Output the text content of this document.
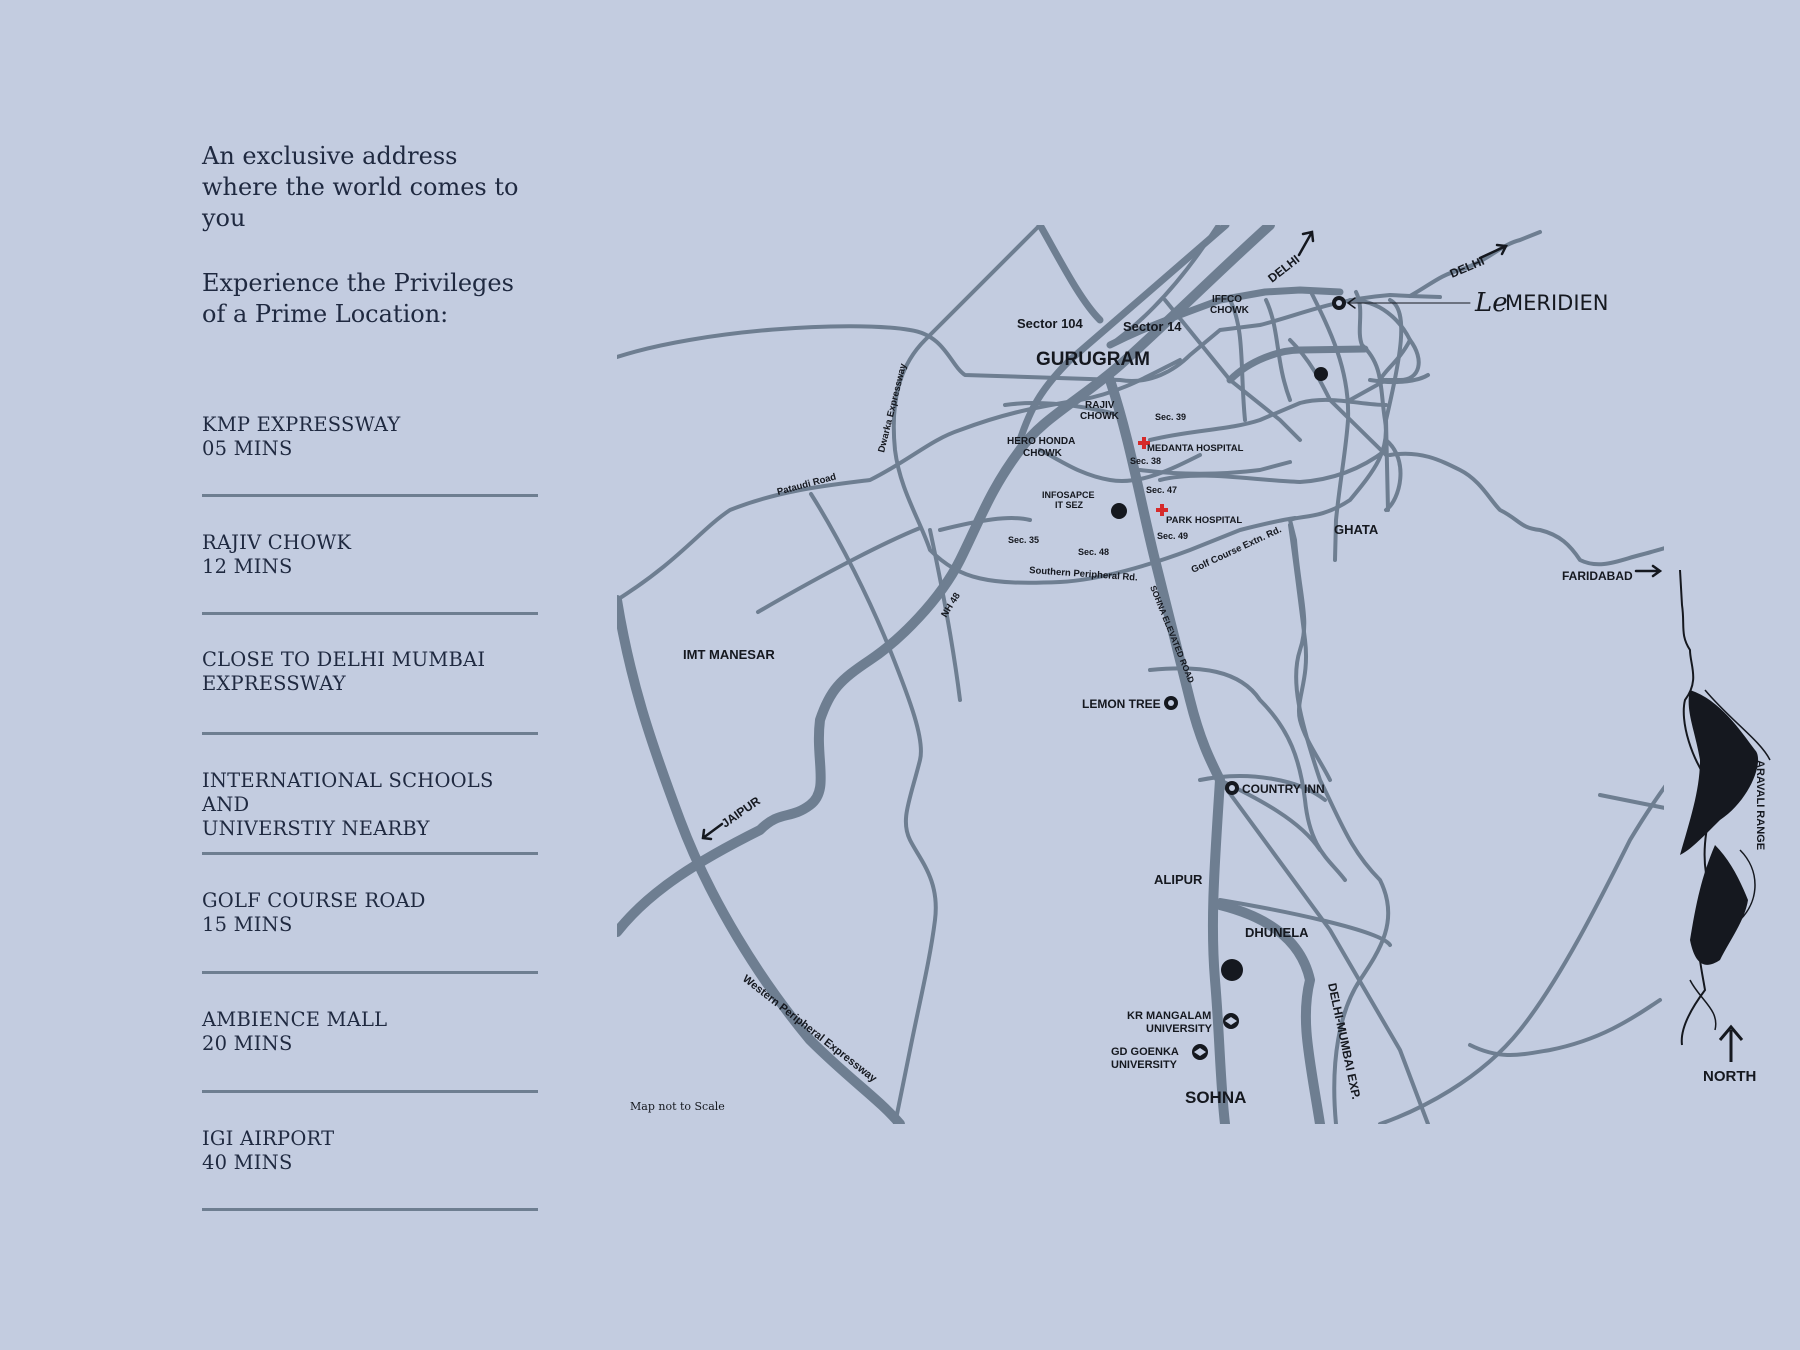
An exclusive address
where the world comes to you
Experience the Privileges
of a Prime Location:
KMP EXPRESSWAY
05 MINS
RAJIV CHOWK
12 MINS
CLOSE TO DELHI MUMBAI
EXPRESSWAY
INTERNATIONAL SCHOOLS AND
UNIVERSTIY NEARBY
GOLF COURSE ROAD
15 MINS
AMBIENCE MALL
20 MINS
IGI AIRPORT
40 MINS
GURUGRAM
Sector 104	Sector 14
IFFCO
CHOWK
RAJIV
CHOWK
HERO HONDA
CHOWK
INFOSAPCE
IT SEZ
Sec. 39
Sec. 38
Sec. 47
Sec. 49
Sec. 35
Sec. 48
MEDANTA HOSPITAL
PARK HOSPITAL
GHATA
IMT MANESAR
LEMON TREE
COUNTRY INN
ALIPUR
DHUNELA
KR MANGALAM
UNIVERSITY
GD GOENKA
UNIVERSITY
SOHNA
FARIDABAD
NORTH
DELHI	DELHI
JAIPUR	ARAVALI RANGE
Dwarka Expressway
Pataudi Road
NH 48
Southern Peripheral Rd.	Golf Course Extn. Rd.
SOHNA ELEVATED ROAD
DELHI-MUMBAI EXP.
Western Peripheral Expressway
Map not to Scale
Le
MERIDIEN
